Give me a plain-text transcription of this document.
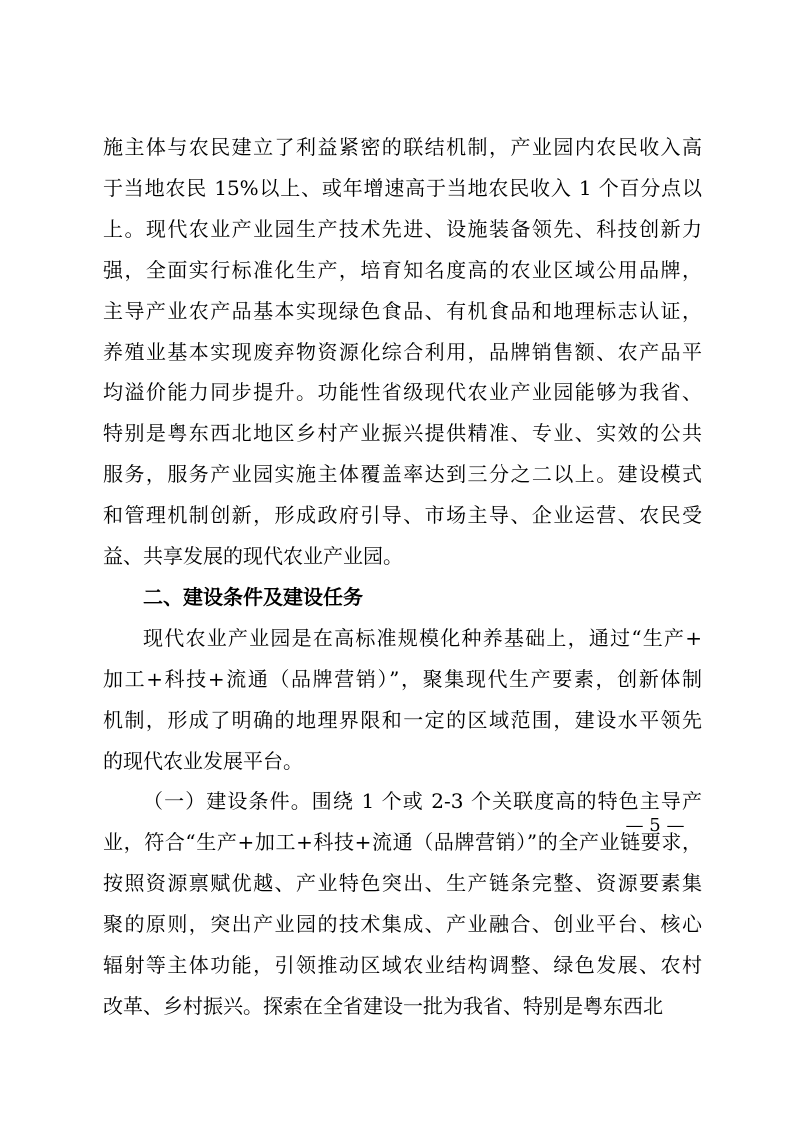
施主体与农民建立了利益紧密的联结机制，产业园内农民收入高
于当地农民 15%以上、或年增速高于当地农民收入 1 个百分点以
上。现代农业产业园生产技术先进、设施装备领先、科技创新力
强，全面实行标准化生产，培育知名度高的农业区域公用品牌，
主导产业农产品基本实现绿色食品、有机食品和地理标志认证，
养殖业基本实现废弃物资源化综合利用，品牌销售额、农产品平
均溢价能力同步提升。功能性省级现代农业产业园能够为我省、
特别是粤东西北地区乡村产业振兴提供精准、专业、实效的公共
服务，服务产业园实施主体覆盖率达到三分之二以上。建设模式
和管理机制创新，形成政府引导、市场主导、企业运营、农民受
益、共享发展的现代农业产业园。
二、建设条件及建设任务
现代农业产业园是在高标准规模化种养基础上，通过“生产+
加工+科技+流通（品牌营销）”，聚集现代生产要素，创新体制
机制，形成了明确的地理界限和一定的区域范围，建设水平领先
的现代农业发展平台。
（一）建设条件。围绕 1 个或 2-3 个关联度高的特色主导产
业，符合“生产+加工+科技+流通（品牌营销）”的全产业链要求，
按照资源禀赋优越、产业特色突出、生产链条完整、资源要素集
聚的原则，突出产业园的技术集成、产业融合、创业平台、核心
辐射等主体功能，引领推动区域农业结构调整、绿色发展、农村
改革、乡村振兴。探索在全省建设一批为我省、特别是粤东西北
— 5 —
